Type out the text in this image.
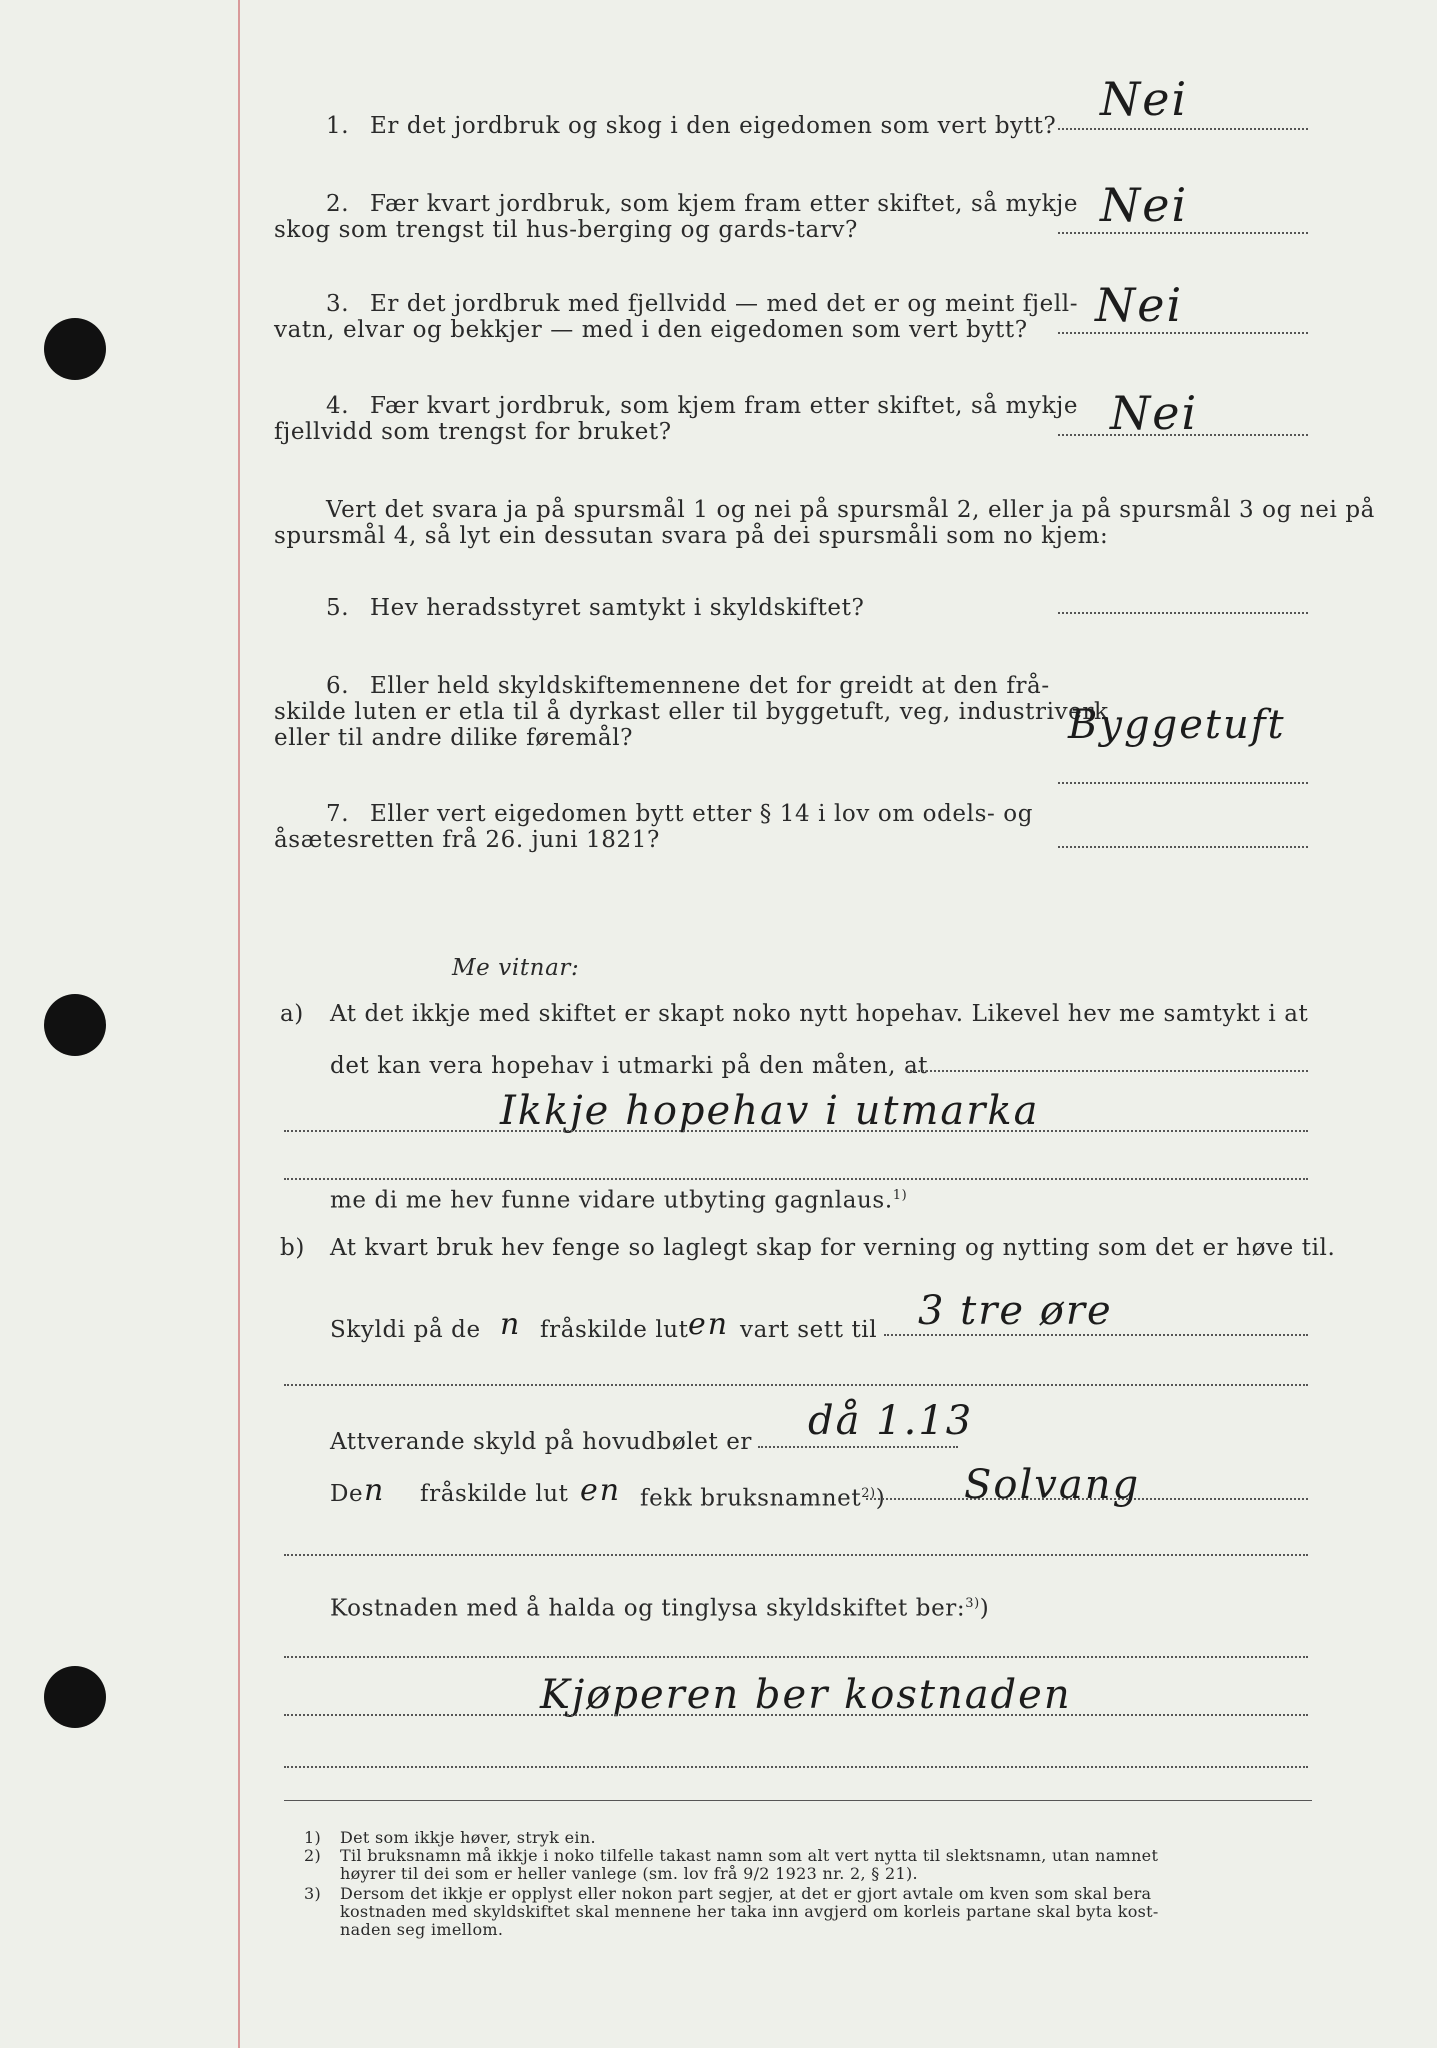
1. Er det jordbruk og skog i den eigedomen som vert bytt? Nei
2. Fær kvart jordbruk, som kjem fram etter skiftet, så mykje
skog som trengst til hus-berging og gards-tarv?	Nei
3. Er det jordbruk med fjellvidd — med det er og meint fjell-
vatn, elvar og bekkjer — med i den eigedomen som vert bytt? Nei
4. Fær kvart jordbruk, som kjem fram etter skiftet, så mykje
fjellvidd som trengst for bruket?	Nei
Vert det svara ja på spursmål 1 og nei på spursmål 2, eller ja på spursmål 3 og nei på
spursmål 4, så lyt ein dessutan svara på dei spursmåli som no kjem:
5. Hev heradsstyret samtykt i skyldskiftet?
6. Eller held skyldskiftemennene det for greidt at den frå-
skilde luten er etla til å dyrkast eller til byggetuft, veg, industriverk
eller til andre dilike føremål?	Byggetuft
7. Eller vert eigedomen bytt etter § 14 i lov om odels- og
åsætesretten frå 26. juni 1821?
Me vitnar:
a) At det ikkje med skiftet er skapt noko nytt hopehav. Likevel hev me samtykt i at
det kan vera hopehav i utmarki på den måten, at
Ikkje hopehav i utmarka
me di me hev funne vidare utbyting gagnlaus.$^{1)}$
b) At kvart bruk hev fenge so laglegt skap for verning og nytting som det er høve til.
Skyldi på de n fråskilde lut en vart sett til 3 tre øre
Attverande skyld på hovudbølet er då 1.13
De n fråskilde lut en fekk bruksnamnet$^{2)}$) Solvang
Kostnaden med å halda og tinglysa skyldskiftet ber:$^{3)}$)
Kjøperen ber kostnaden
1) Det som ikkje høver, stryk ein.
2) Til bruksnamn må ikkje i noko tilfelle takast namn som alt vert nytta til slektsnamn, utan namnet
høyrer til dei som er heller vanlege (sm. lov frå 9/2 1923 nr. 2, § 21).
3) Dersom det ikkje er opplyst eller nokon part segjer, at det er gjort avtale om kven som skal bera
kostnaden med skyldskiftet skal mennene her taka inn avgjerd om korleis partane skal byta kost-
naden seg imellom.
